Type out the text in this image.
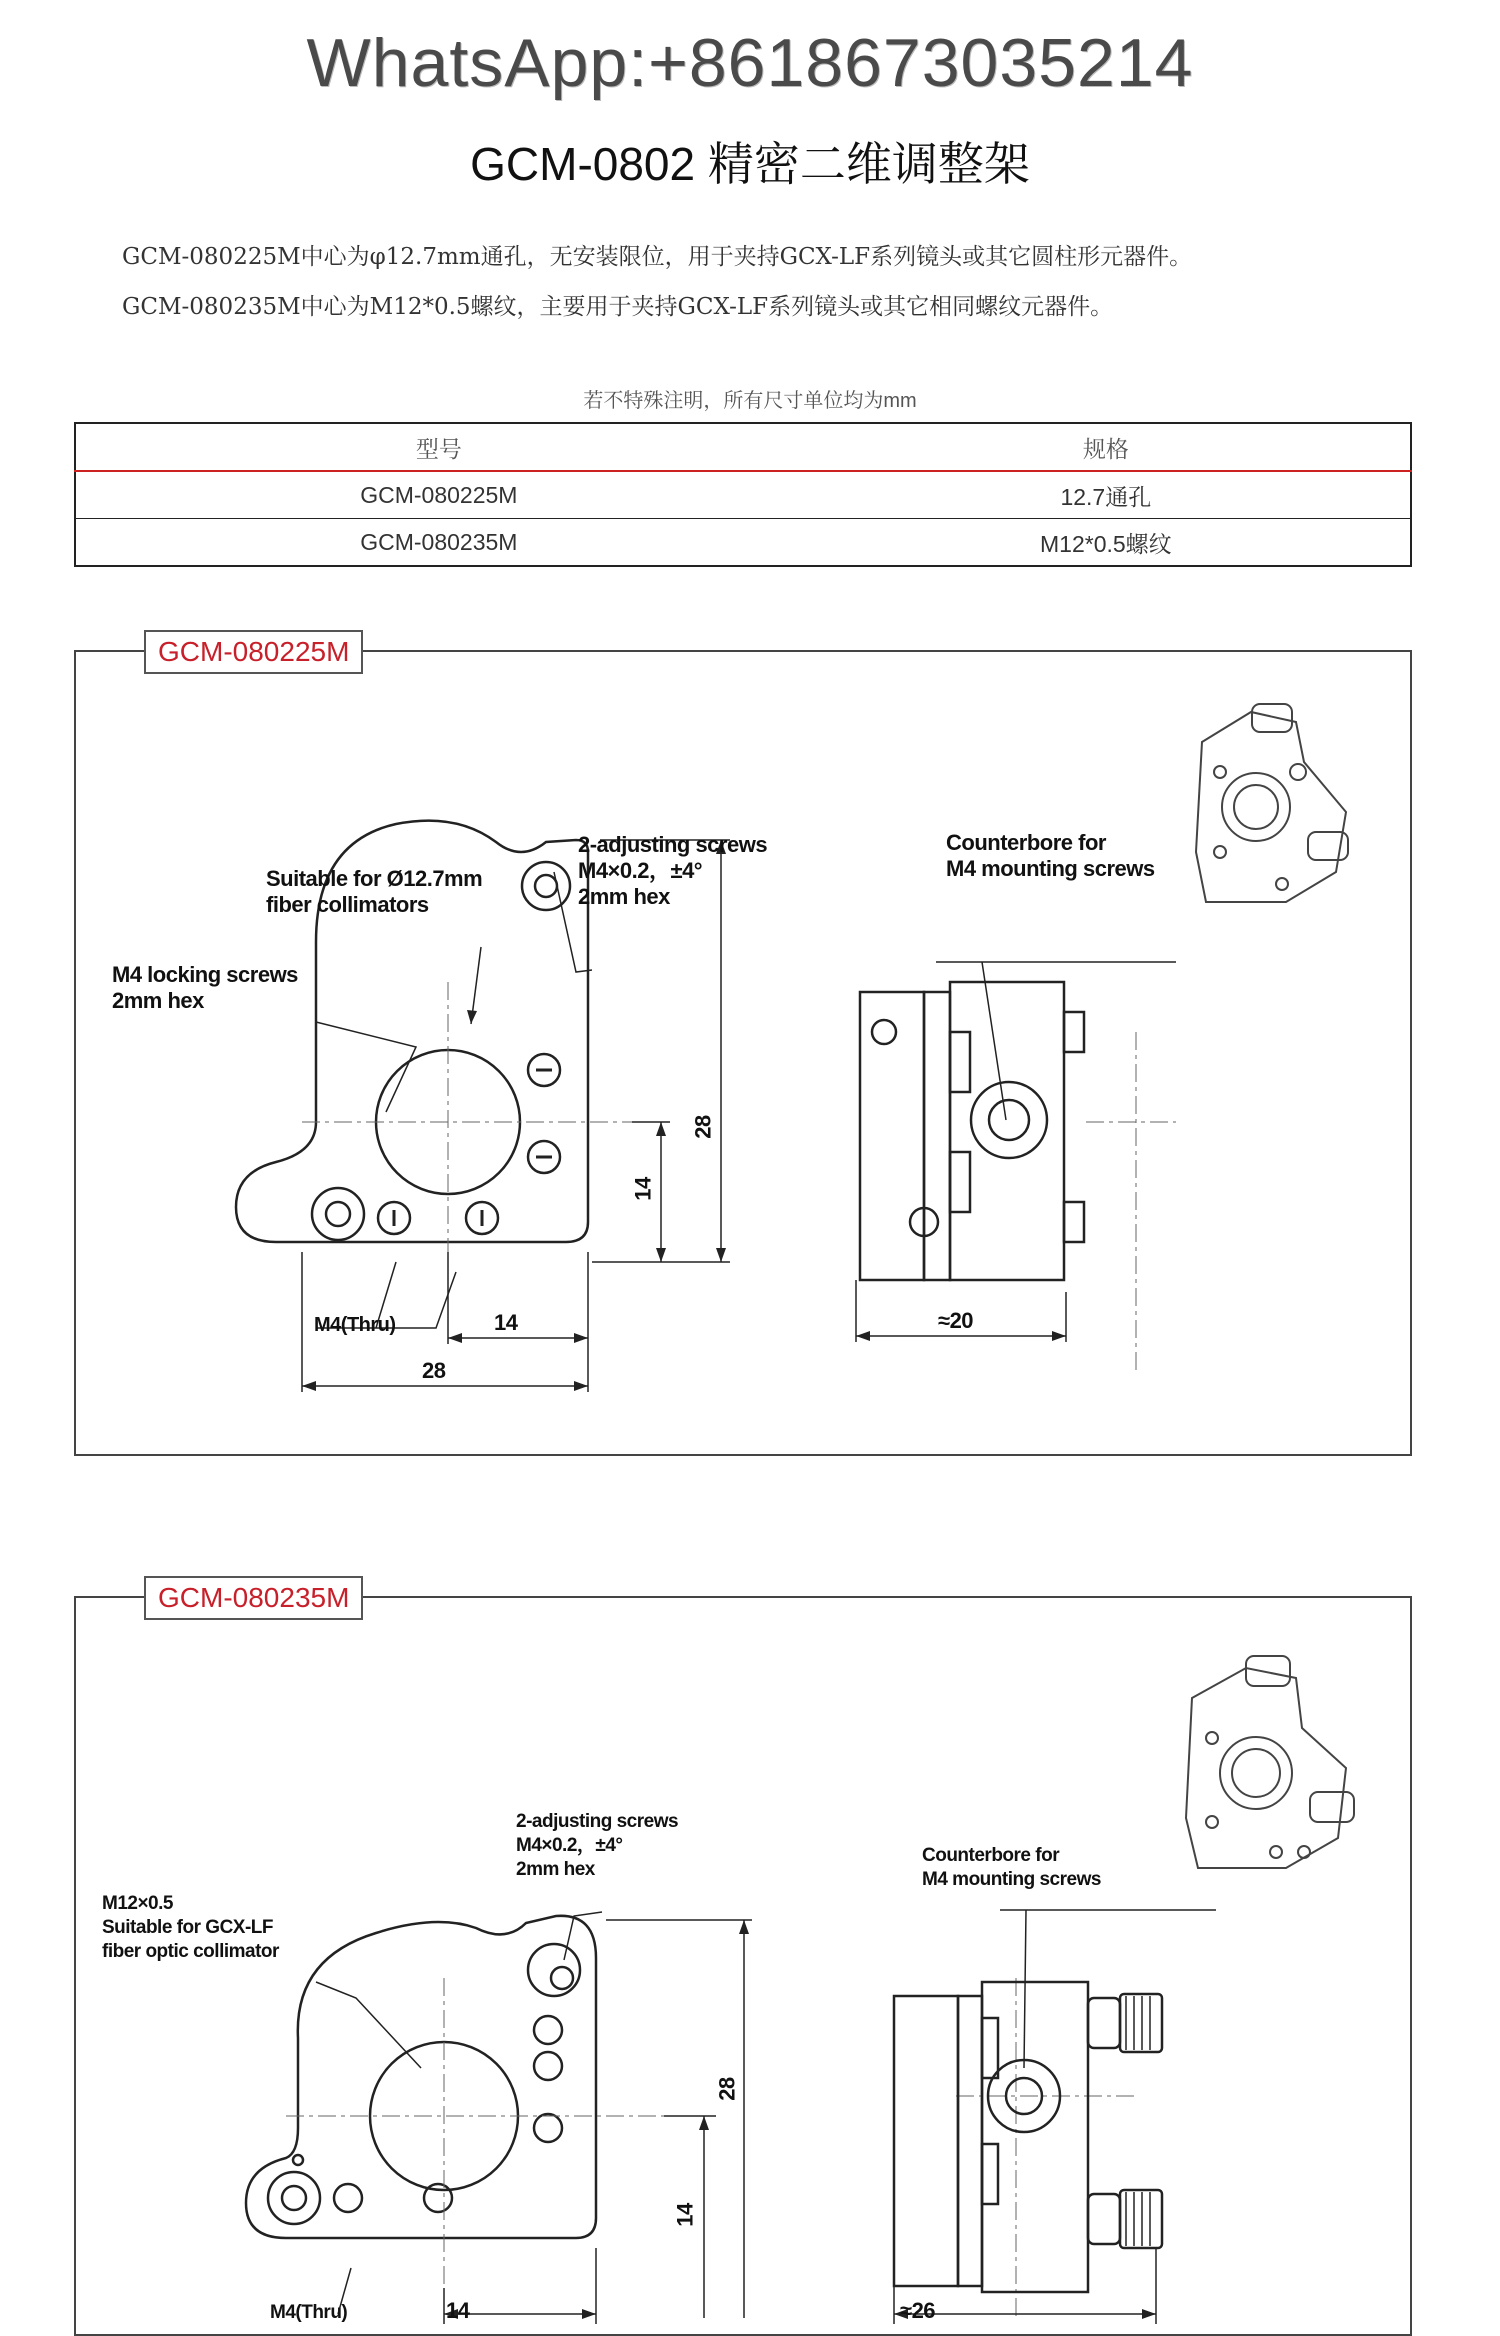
WhatsApp:+8618673035214
GCM-0802 精密二维调整架
GCM-080225M中心为φ12.7mm通孔，无安装限位，用于夹持GCX-LF系列镜头或其它圆柱形元器件。
GCM-080235M中心为M12*0.5螺纹，主要用于夹持GCX-LF系列镜头或其它相同螺纹元器件。
若不特殊注明，所有尺寸单位均为mm
型号	规格
GCM-080225M	12.7通孔
GCM-080235M	M12*0.5螺纹
GCM-080225M
Suitable for Ø12.7mm
fiber collimators
2-adjusting screws
M4×0.2，±4°
2mm hex
M4 locking screws
2mm hex
Counterbore for
M4 mounting screws
M4(Thru)	14
28
14
28
≈20
GCM-080235M
M12×0.5
Suitable for GCX-LF
fiber optic collimator
2-adjusting screws
M4×0.2，±4°
2mm hex
Counterbore for
M4 mounting screws
M4(Thru)	14
14
28
≈26
